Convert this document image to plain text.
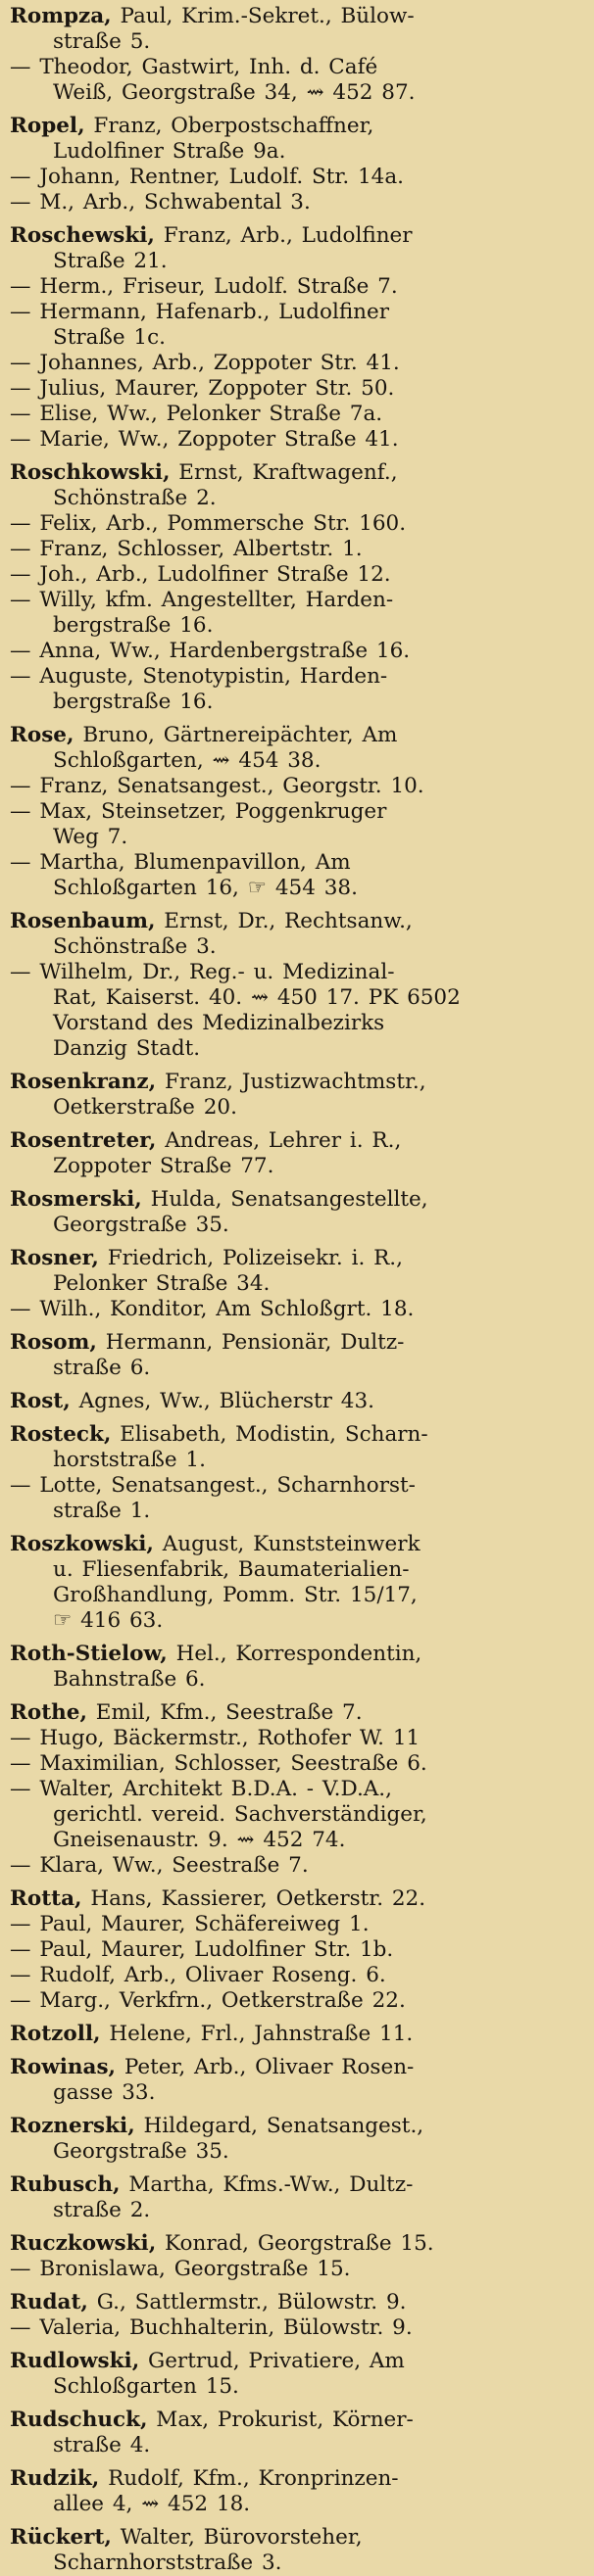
Rompza, Paul, Krim.-Sekret., Bülow-
straße 5.

— Theodor, Gastwirt, Inh. d. Café
Weiß, Georgstraße 34, ⇝ 452 87.

Ropel, Franz, Oberpostschaffner,
Ludolfiner Straße 9a.

— Johann, Rentner, Ludolf. Str. 14a.

— M., Arb., Schwabental 3.

Roschewski, Franz, Arb., Ludolfiner
Straße 21.

— Herm., Friseur, Ludolf. Straße 7.

— Hermann, Hafenarb., Ludolfiner
Straße 1c.

— Johannes, Arb., Zoppoter Str. 41.

— Julius, Maurer, Zoppoter Str. 50.

— Elise, Ww., Pelonker Straße 7a.

— Marie, Ww., Zoppoter Straße 41.

Roschkowski, Ernst, Kraftwagenf.,
Schönstraße 2.

— Felix, Arb., Pommersche Str. 160.

— Franz, Schlosser, Albertstr. 1.

— Joh., Arb., Ludolfiner Straße 12.

— Willy, kfm. Angestellter, Harden-
bergstraße 16.

— Anna, Ww., Hardenbergstraße 16.

— Auguste, Stenotypistin, Harden-
bergstraße 16.

Rose, Bruno, Gärtnereipächter, Am
Schloßgarten, ⇝ 454 38.

— Franz, Senatsangest., Georgstr. 10.

— Max, Steinsetzer, Poggenkruger
Weg 7.

— Martha, Blumenpavillon, Am
Schloßgarten 16, ☞ 454 38.

Rosenbaum, Ernst, Dr., Rechtsanw.,
Schönstraße 3.

— Wilhelm, Dr., Reg.- u. Medizinal-
Rat, Kaiserst. 40. ⇝ 450 17. PK 6502
Vorstand des Medizinalbezirks
Danzig Stadt.

Rosenkranz, Franz, Justizwachtmstr.,
Oetkerstraße 20.

Rosentreter, Andreas, Lehrer i. R.,
Zoppoter Straße 77.

Rosmerski, Hulda, Senatsangestellte,
Georgstraße 35.

Rosner, Friedrich, Polizeisekr. i. R.,
Pelonker Straße 34.

— Wilh., Konditor, Am Schloßgrt. 18.

Rosom, Hermann, Pensionär, Dultz-
straße 6.

Rost, Agnes, Ww., Blücherstr 43.

Rosteck, Elisabeth, Modistin, Scharn-
horststraße 1.

— Lotte, Senatsangest., Scharnhorst-
straße 1.

Roszkowski, August, Kunststeinwerk
u. Fliesenfabrik, Baumaterialien-
Großhandlung, Pomm. Str. 15/17,
☞ 416 63.

Roth-Stielow, Hel., Korrespondentin,
Bahnstraße 6.

Rothe, Emil, Kfm., Seestraße 7.

— Hugo, Bäckermstr., Rothofer W. 11

— Maximilian, Schlosser, Seestraße 6.

— Walter, Architekt B.D.A. - V.D.A.,
gerichtl. vereid. Sachverständiger,
Gneisenaustr. 9. ⇝ 452 74.

— Klara, Ww., Seestraße 7.

Rotta, Hans, Kassierer, Oetkerstr. 22.

— Paul, Maurer, Schäfereiweg 1.

— Paul, Maurer, Ludolfiner Str. 1b.

— Rudolf, Arb., Olivaer Roseng. 6.

— Marg., Verkfrn., Oetkerstraße 22.

Rotzoll, Helene, Frl., Jahnstraße 11.

Rowinas, Peter, Arb., Olivaer Rosen-
gasse 33.

Roznerski, Hildegard, Senatsangest.,
Georgstraße 35.

Rubusch, Martha, Kfms.-Ww., Dultz-
straße 2.

Ruczkowski, Konrad, Georgstraße 15.

— Bronislawa, Georgstraße 15.

Rudat, G., Sattlermstr., Bülowstr. 9.

— Valeria, Buchhalterin, Bülowstr. 9.

Rudlowski, Gertrud, Privatiere, Am
Schloßgarten 15.

Rudschuck, Max, Prokurist, Körner-
straße 4.

Rudzik, Rudolf, Kfm., Kronprinzen-
allee 4, ⇝ 452 18.

Rückert, Walter, Bürovorsteher,
Scharnhorststraße 3.
